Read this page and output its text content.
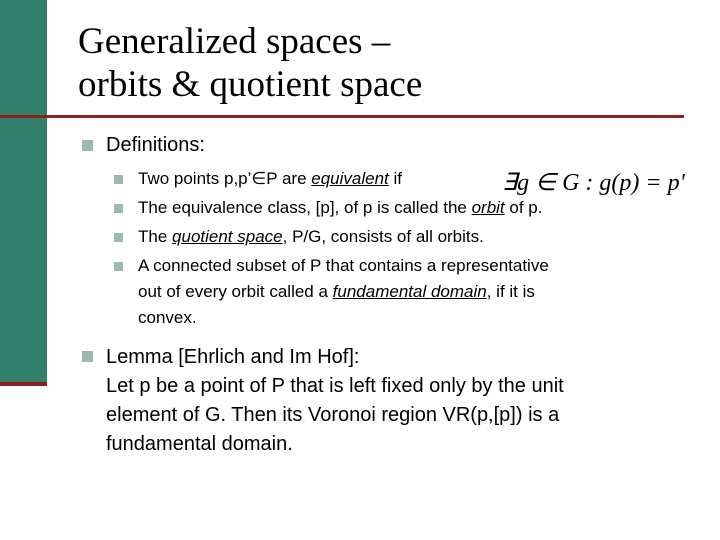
Generalized spaces –
orbits & quotient space
Definitions:
Two points p,p’∈P are equivalent if	∃g ∈ G : g(p) = p'
The equivalence class, [p], of p is called the orbit of p.
The quotient space, P/G, consists of all orbits.
A connected subset of P that contains a representative
out of every orbit called a fundamental domain, if it is
convex.
Lemma [Ehrlich and Im Hof]:
Let p be a point of P that is left fixed only by the unit
element of G. Then its Voronoi region VR(p,[p]) is a
fundamental domain.
